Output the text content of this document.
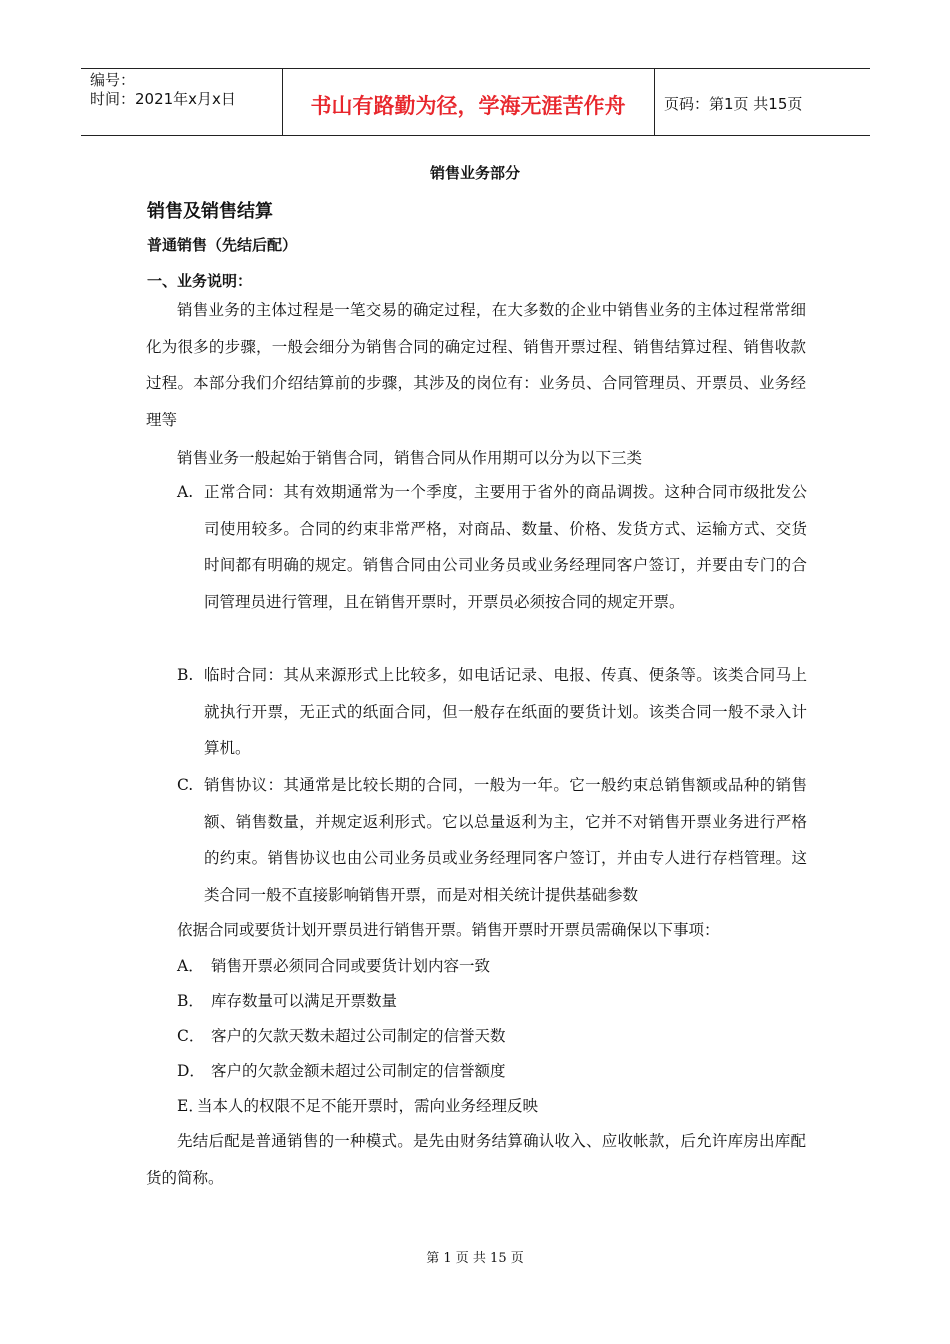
编号：
时间：2021年x月x日	书山有路勤为径，学海无涯苦作舟	页码：第1页 共15页
销售业务部分
销售及销售结算
普通销售（先结后配）
一、业务说明：

销售业务的主体过程是一笔交易的确定过程，在大多数的企业中销售业务的主体过程常常细化为很多的步骤，一般会细分为销售合同的确定过程、销售开票过程、销售结算过程、销售收款过程。本部分我们介绍结算前的步骤，其涉及的岗位有：业务员、合同管理员、开票员、业务经理等

销售业务一般起始于销售合同，销售合同从作用期可以分为以下三类
A. 正常合同：其有效期通常为一个季度，主要用于省外的商品调拨。这种合同市级批发公司使用较多。合同的约束非常严格，对商品、数量、价格、发货方式、运输方式、交货时间都有明确的规定。销售合同由公司业务员或业务经理同客户签订，并要由专门的合同管理员进行管理，且在销售开票时，开票员必须按合同的规定开票。
B. 临时合同：其从来源形式上比较多，如电话记录、电报、传真、便条等。该类合同马上就执行开票，无正式的纸面合同，但一般存在纸面的要货计划。该类合同一般不录入计算机。
C. 销售协议：其通常是比较长期的合同，一般为一年。它一般约束总销售额或品种的销售额、销售数量，并规定返利形式。它以总量返利为主，它并不对销售开票业务进行严格的约束。销售协议也由公司业务员或业务经理同客户签订，并由专人进行存档管理。这类合同一般不直接影响销售开票，而是对相关统计提供基础参数
依据合同或要货计划开票员进行销售开票。销售开票时开票员需确保以下事项：
A． 销售开票必须同合同或要货计划内容一致
B． 库存数量可以满足开票数量
C． 客户的欠款天数未超过公司制定的信誉天数
D． 客户的欠款金额未超过公司制定的信誉额度
E．当本人的权限不足不能开票时，需向业务经理反映

先结后配是普通销售的一种模式。是先由财务结算确认收入、应收帐款，后允许库房出库配货的简称。

第 1 页 共 15 页
